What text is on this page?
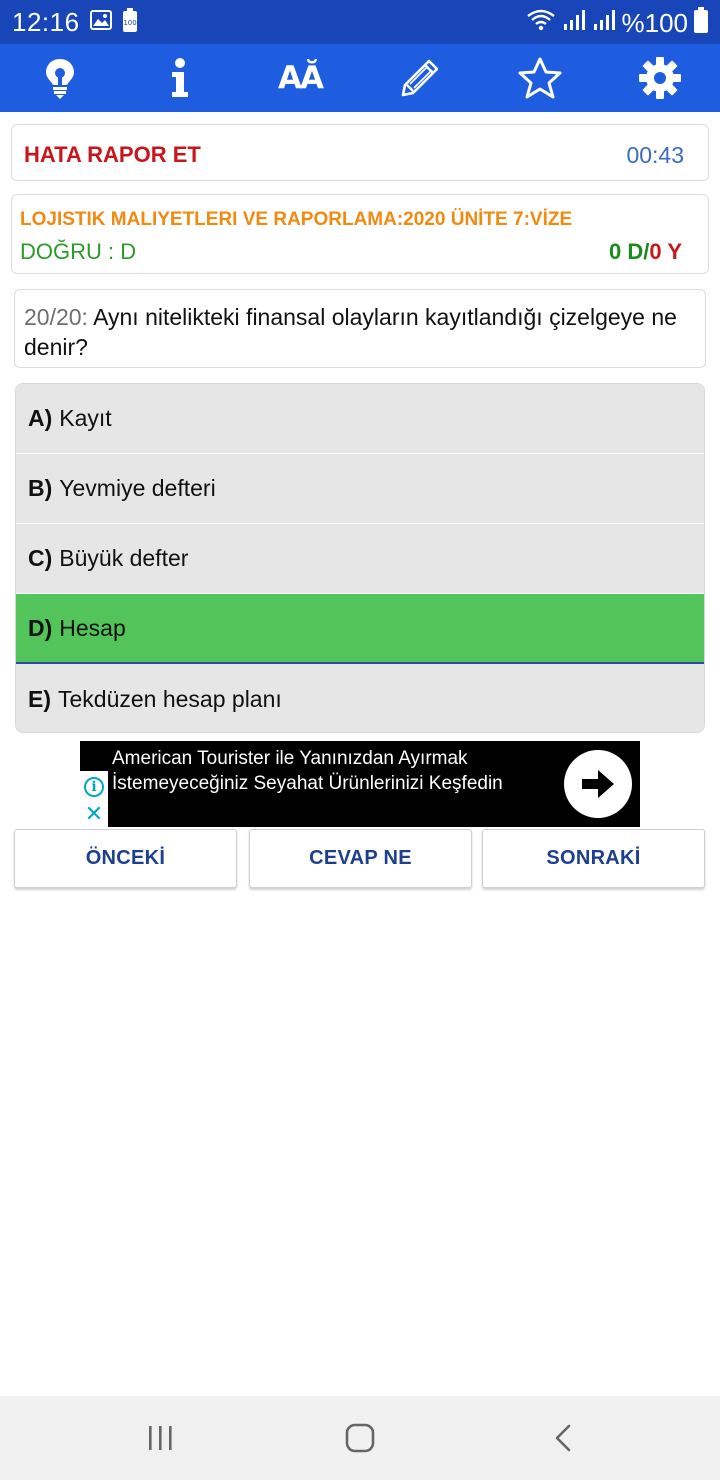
12:16	100	%100
AĂ
HATA RAPOR ET	00:43
LOJISTIK MALIYETLERI VE RAPORLAMA:2020 ÜNİTE 7:VİZE
DOĞRU : D	0 D/0 Y
20/20: Aynı nitelikteki finansal olayların kayıtlandığı çizelgeye ne denir?
A) Kayıt
B) Yevmiye defteri
C) Büyük defter
D) Hesap
E) Tekdüzen hesap planı
i
✕
American Tourister ile Yanınızdan Ayırmak İstemeyeceğiniz Seyahat Ürünlerinizi Keşfedin
ÖNCEKİ	CEVAP NE	SONRAKİ
